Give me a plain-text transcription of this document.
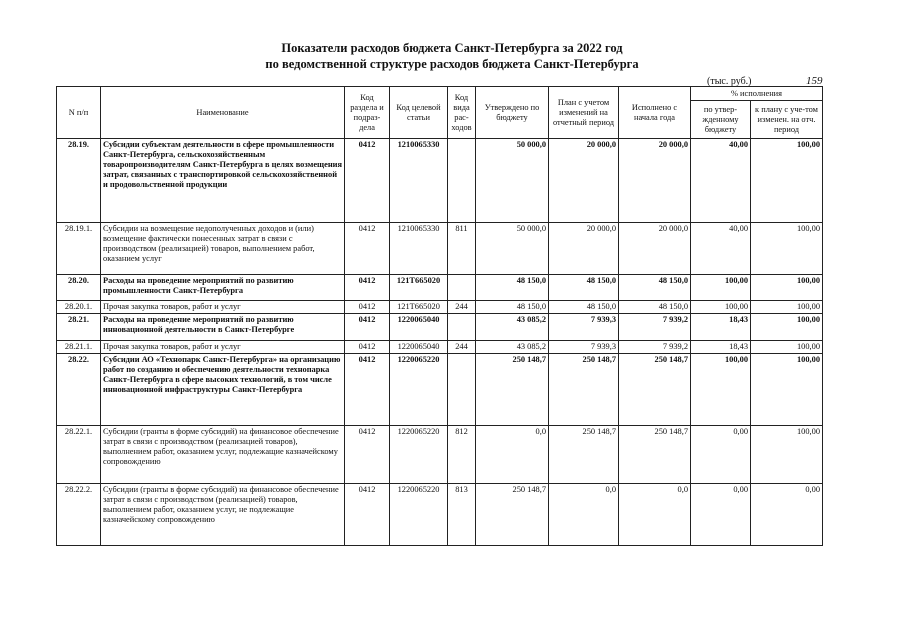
Показатели расходов бюджета Санкт-Петербурга за 2022 год
по ведомственной структуре расходов бюджета Санкт-Петербурга
(тыс. руб.)	159
N п/п	Наименование	Код раздела и подраз-дела	Код целевой статьи	Код вида рас-ходов	Утверждено по бюджету	План с учетом изменений на отчетный период	Исполнено с начала года	% исполнения	
								по утвер-жденному бюджету	к плану с уче-том изменен. на отч. период
28.19.	Субсидии субъектам деятельности в сфере промышленности Санкт-Петербурга, сельскохозяйственным товаропроизводителям Санкт-Петербурга в целях возмещения затрат, связанных с транспортировкой сельскохозяйственной и продовольственной продукции	0412	1210065330		50 000,0	20 000,0	20 000,0	40,00	100,00
28.19.1.	Субсидии на возмещение недополученных доходов и (или) возмещение фактически понесенных затрат в связи с производством (реализацией) товаров, выполнением работ, оказанием услуг	0412	1210065330	811	50 000,0	20 000,0	20 000,0	40,00	100,00
28.20.	Расходы на проведение мероприятий по развитию промышленности Санкт-Петербурга	0412	121Т665020		48 150,0	48 150,0	48 150,0	100,00	100,00
28.20.1.	Прочая закупка товаров, работ и услуг	0412	121Т665020	244	48 150,0	48 150,0	48 150,0	100,00	100,00
28.21.	Расходы на проведение мероприятий по развитию инновационной деятельности в Санкт-Петербурге	0412	1220065040		43 085,2	7 939,3	7 939,2	18,43	100,00
28.21.1.	Прочая закупка товаров, работ и услуг	0412	1220065040	244	43 085,2	7 939,3	7 939,2	18,43	100,00
28.22.	Субсидии АО «Технопарк Санкт-Петербурга» на организацию работ по созданию и обеспечению деятельности технопарка Санкт-Петербурга в сфере высоких технологий, в том числе инновационной инфраструктуры Санкт-Петербурга	0412	1220065220		250 148,7	250 148,7	250 148,7	100,00	100,00
28.22.1.	Субсидии (гранты в форме субсидий) на финансовое обеспечение затрат в связи с производством (реализацией товаров), выполнением работ, оказанием услуг, подлежащие казначейскому сопровождению	0412	1220065220	812	0,0	250 148,7	250 148,7	0,00	100,00
28.22.2.	Субсидии (гранты в форме субсидий) на финансовое обеспечение затрат в связи с производством (реализацией) товаров, выполнением работ, оказанием услуг, не подлежащие казначейскому сопровождению	0412	1220065220	813	250 148,7	0,0	0,0	0,00	0,00
